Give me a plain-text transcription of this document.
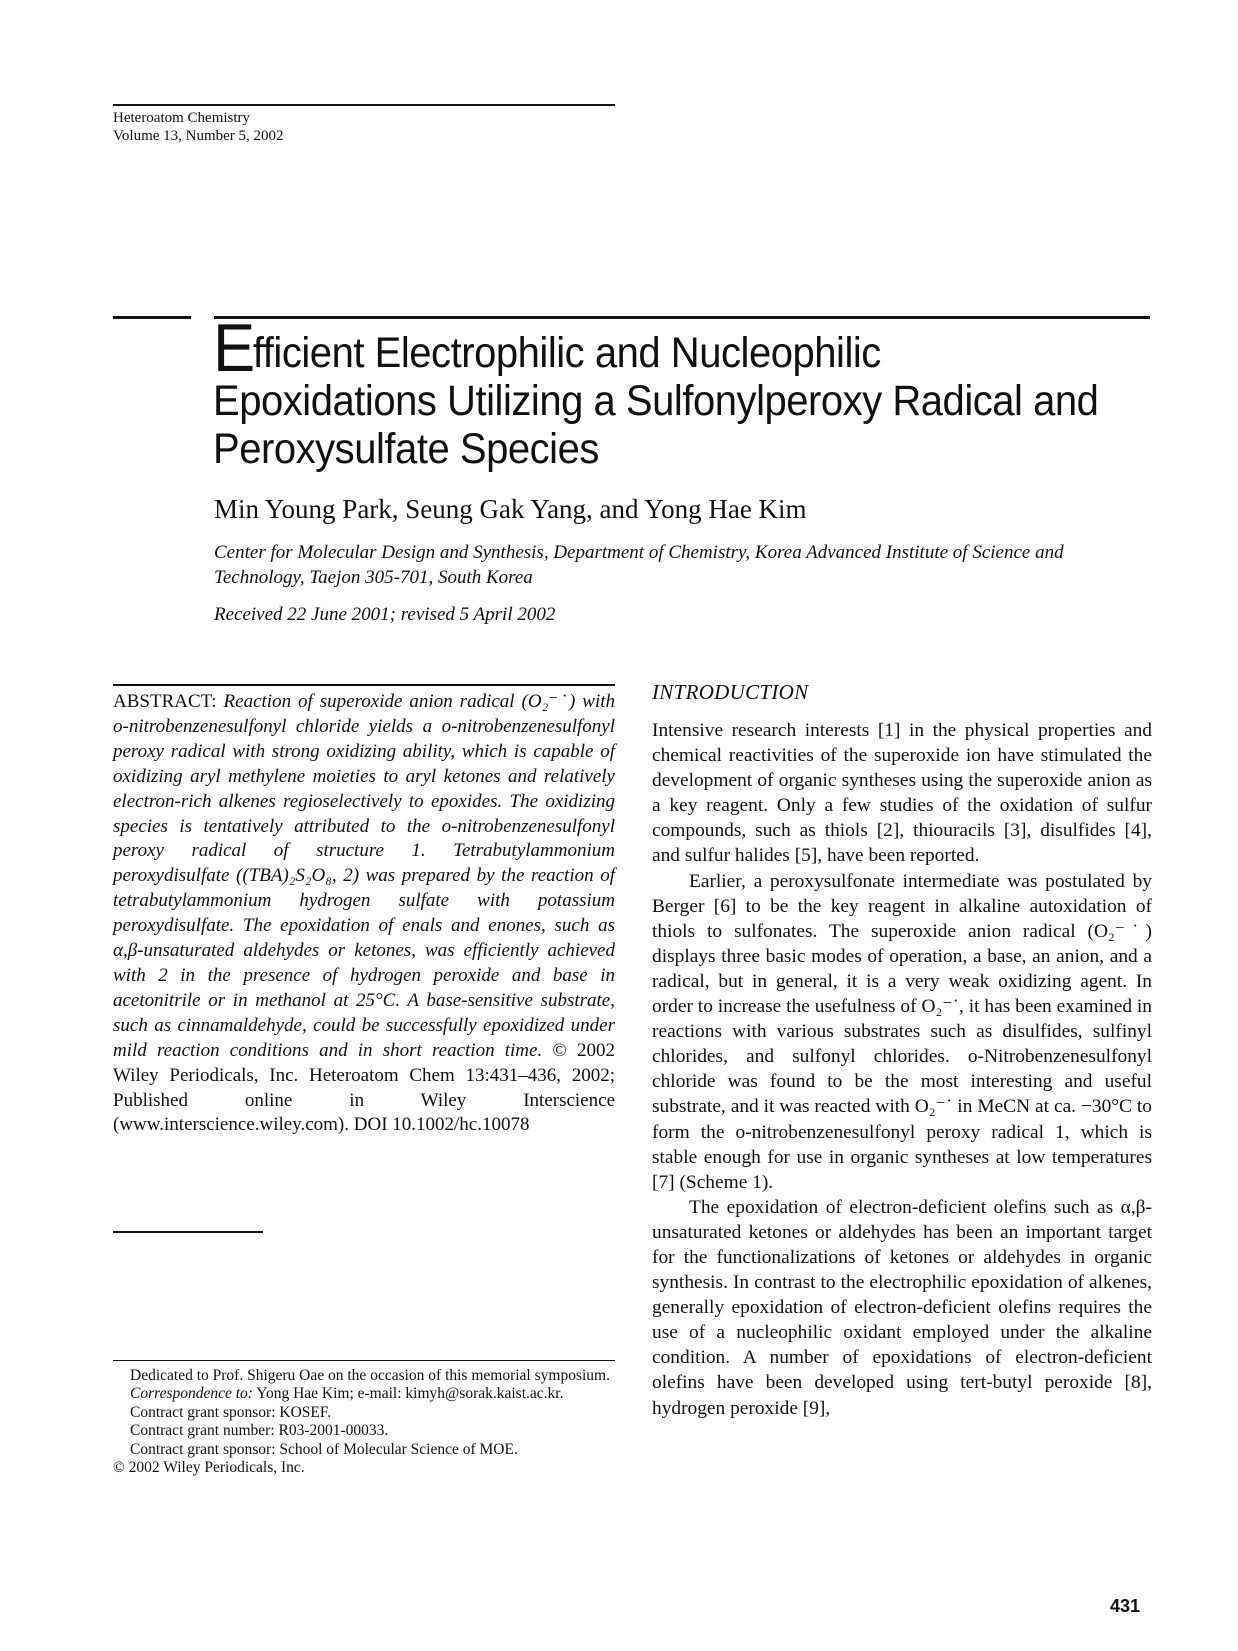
Heteroatom Chemistry
Volume 13, Number 5, 2002
Efficient Electrophilic and Nucleophilic Epoxidations Utilizing a Sulfonylperoxy Radical and Peroxysulfate Species
Min Young Park, Seung Gak Yang, and Yong Hae Kim
Center for Molecular Design and Synthesis, Department of Chemistry, Korea Advanced Institute of Science and Technology, Taejon 305-701, South Korea
Received 22 June 2001; revised 5 April 2002

ABSTRACT: Reaction of superoxide anion radical (O₂⁻˙) with o-nitrobenzenesulfonyl chloride yields a o-nitrobenzenesulfonyl peroxy radical with strong oxidizing ability, which is capable of oxidizing aryl methylene moieties to aryl ketones and relatively electron-rich alkenes regioselectively to epoxides. The oxidizing species is tentatively attributed to the o-nitrobenzenesulfonyl peroxy radical of structure 1. Tetrabutylammonium peroxydisulfate ((TBA)₂S₂O₈, 2) was prepared by the reaction of tetrabutylammonium hydrogen sulfate with potassium peroxydisulfate. The epoxidation of enals and enones, such as α,β-unsaturated aldehydes or ketones, was efficiently achieved with 2 in the presence of hydrogen peroxide and base in acetonitrile or in methanol at 25°C. A base-sensitive substrate, such as cinnamaldehyde, could be successfully epoxidized under mild reaction conditions and in short reaction time. © 2002 Wiley Periodicals, Inc. Heteroatom Chem 13:431–436, 2002; Published online in Wiley Interscience (www.interscience.wiley.com). DOI 10.1002/hc.10078

Dedicated to Prof. Shigeru Oae on the occasion of this memorial symposium.

Correspondence to: Yong Hae Kim; e-mail: kimyh@sorak.kaist.ac.kr.

Contract grant sponsor: KOSEF.

Contract grant number: R03-2001-00033.

Contract grant sponsor: School of Molecular Science of MOE.

© 2002 Wiley Periodicals, Inc.

INTRODUCTION

Intensive research interests [1] in the physical properties and chemical reactivities of the superoxide ion have stimulated the development of organic syntheses using the superoxide anion as a key reagent. Only a few studies of the oxidation of sulfur compounds, such as thiols [2], thiouracils [3], disulfides [4], and sulfur halides [5], have been reported.

Earlier, a peroxysulfonate intermediate was postulated by Berger [6] to be the key reagent in alkaline autoxidation of thiols to sulfonates. The superoxide anion radical (O₂⁻˙) displays three basic modes of operation, a base, an anion, and a radical, but in general, it is a very weak oxidizing agent. In order to increase the usefulness of O₂⁻˙, it has been examined in reactions with various substrates such as disulfides, sulfinyl chlorides, and sulfonyl chlorides. o-Nitrobenzenesulfonyl chloride was found to be the most interesting and useful substrate, and it was reacted with O₂⁻˙ in MeCN at ca. −30°C to form the o-nitrobenzenesulfonyl peroxy radical 1, which is stable enough for use in organic syntheses at low temperatures [7] (Scheme 1).

The epoxidation of electron-deficient olefins such as α,β-unsaturated ketones or aldehydes has been an important target for the functionalizations of ketones or aldehydes in organic synthesis. In contrast to the electrophilic epoxidation of alkenes, generally epoxidation of electron-deficient olefins requires the use of a nucleophilic oxidant employed under the alkaline condition. A number of epoxidations of electron-deficient olefins have been developed using tert-butyl peroxide [8], hydrogen peroxide [9],

431
